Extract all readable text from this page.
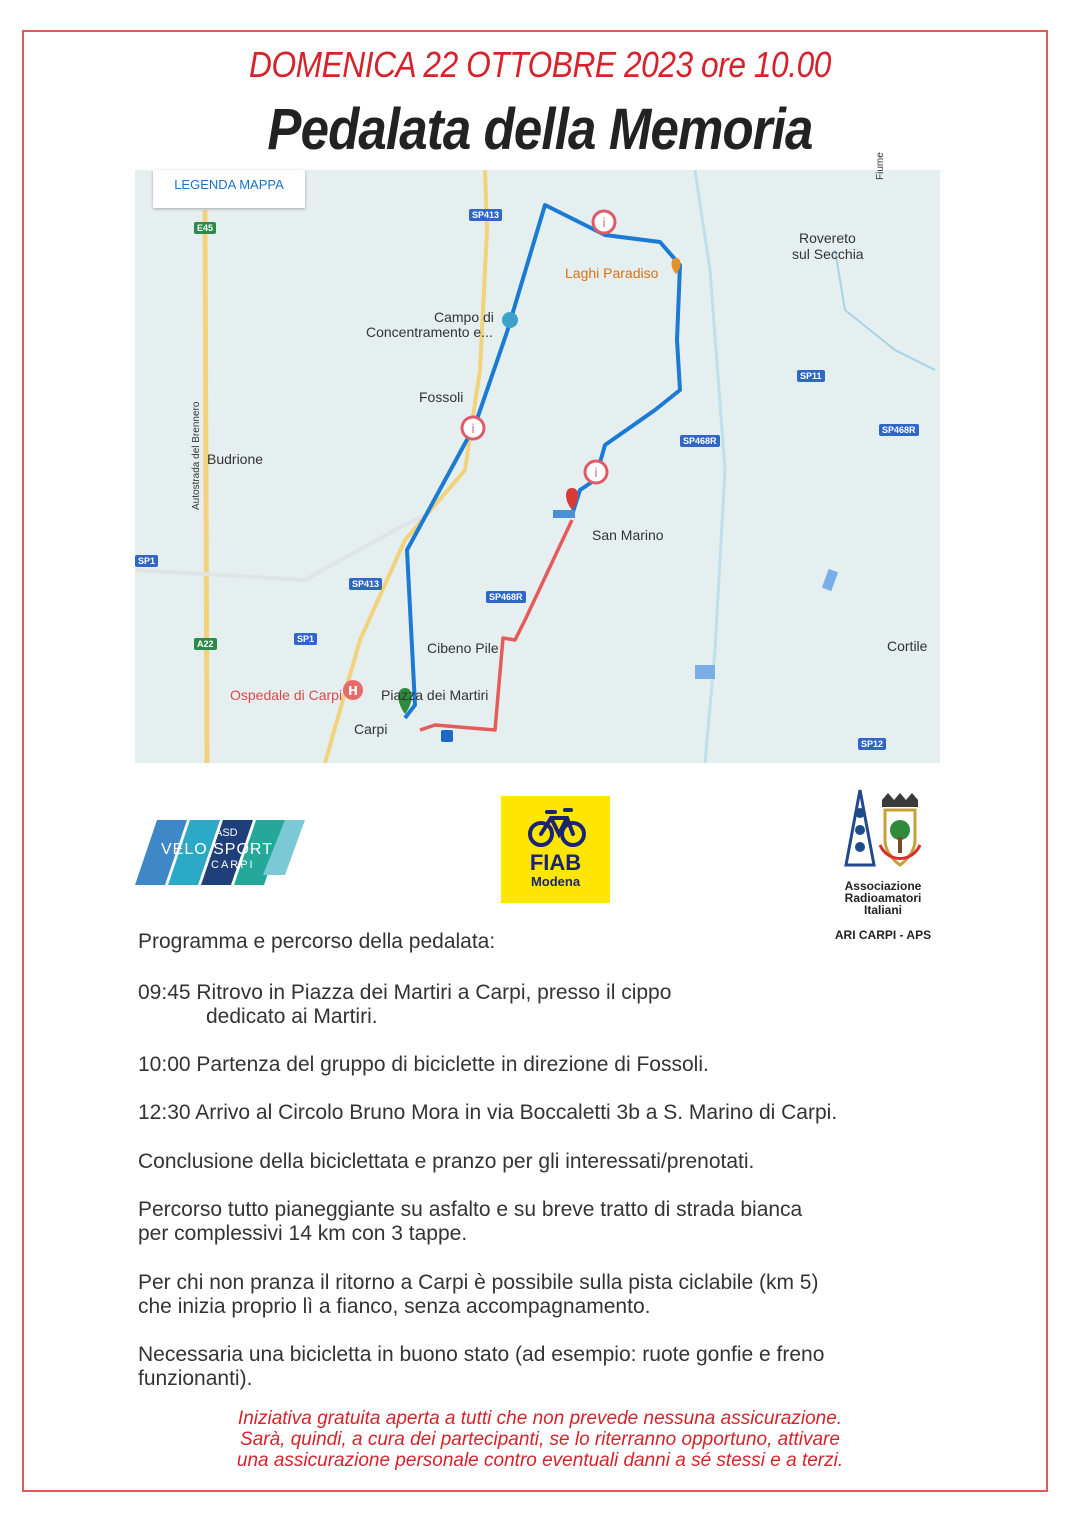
DOMENICA 22 OTTOBRE 2023 ore 10.00
Pedalata della Memoria
i
i
i
H
LEGENDA MAPPA
Rovereto
sul Secchia
Laghi Paradiso
Campo di
Concentramento e...
Fossoli
Budrione
San Marino
Cibeno Pile
Ospedale di Carpi	Piazza dei Martiri
Carpi
Cortile
Fiume
Autostrada del Brennero
E45
SP413
SP413
SP11
SP468R
SP468R
SP468R
SP1
SP1
A22
SP12
ASD
VELO SPORT
CARPI	FIAB
Modena	Associazione
Radioamatori
Italiani
ARI CARPI - APS
Programma e percorso della pedalata:
09:45 Ritrovo in Piazza dei Martiri a Carpi, presso il cippo
dedicato ai Martiri.
10:00 Partenza del gruppo di biciclette in direzione di Fossoli.
12:30 Arrivo al Circolo Bruno Mora in via Boccaletti 3b a S. Marino di Carpi.
Conclusione della biciclettata e pranzo per gli interessati/prenotati.
Percorso tutto pianeggiante su asfalto e su breve tratto di strada bianca
per complessivi 14 km con 3 tappe.
Per chi non pranza il ritorno a Carpi è possibile sulla pista ciclabile (km 5)
che inizia proprio lì a fianco, senza accompagnamento.
Necessaria una bicicletta in buono stato (ad esempio: ruote gonfie e freno
funzionanti).
Iniziativa gratuita aperta a tutti che non prevede nessuna assicurazione.
Sarà, quindi, a cura dei partecipanti, se lo riterranno opportuno, attivare
una assicurazione personale contro eventuali danni a sé stessi e a terzi.
